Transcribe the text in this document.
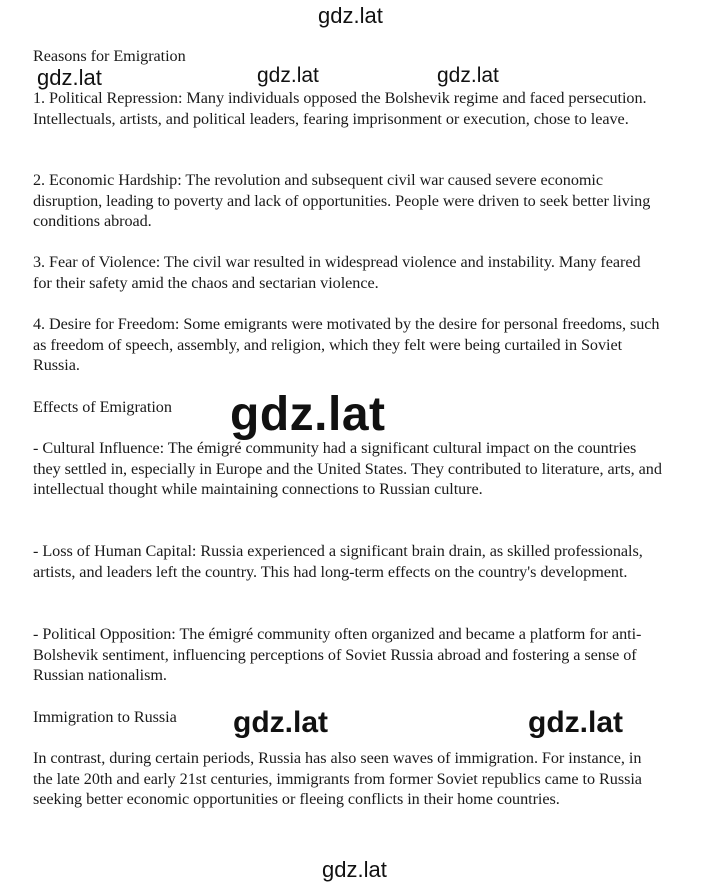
Reasons for Emigration

1. Political Repression: Many individuals opposed the Bolshevik regime and faced persecution. Intellectuals, artists, and political leaders, fearing imprisonment or execution, chose to leave.

2. Economic Hardship: The revolution and subsequent civil war caused severe economic disruption, leading to poverty and lack of opportunities. People were driven to seek better living conditions abroad.

3. Fear of Violence: The civil war resulted in widespread violence and instability. Many feared for their safety amid the chaos and sectarian violence.

4. Desire for Freedom: Some emigrants were motivated by the desire for personal freedoms, such as freedom of speech, assembly, and religion, which they felt were being curtailed in Soviet Russia.

Effects of Emigration

- Cultural Influence: The émigré community had a significant cultural impact on the countries they settled in, especially in Europe and the United States. They contributed to literature, arts, and intellectual thought while maintaining connections to Russian culture.

- Loss of Human Capital: Russia experienced a significant brain drain, as skilled professionals, artists, and leaders left the country. This had long-term effects on the country's development.

- Political Opposition: The émigré community often organized and became a platform for anti-Bolshevik sentiment, influencing perceptions of Soviet Russia abroad and fostering a sense of Russian nationalism.

Immigration to Russia

In contrast, during certain periods, Russia has also seen waves of immigration. For instance, in the late 20th and early 21st centuries, immigrants from former Soviet republics came to Russia seeking better economic opportunities or fleeing conflicts in their home countries.

gdz.lat
gdz.lat	gdz.lat	gdz.lat
gdz.lat
gdz.lat	gdz.lat
gdz.lat
